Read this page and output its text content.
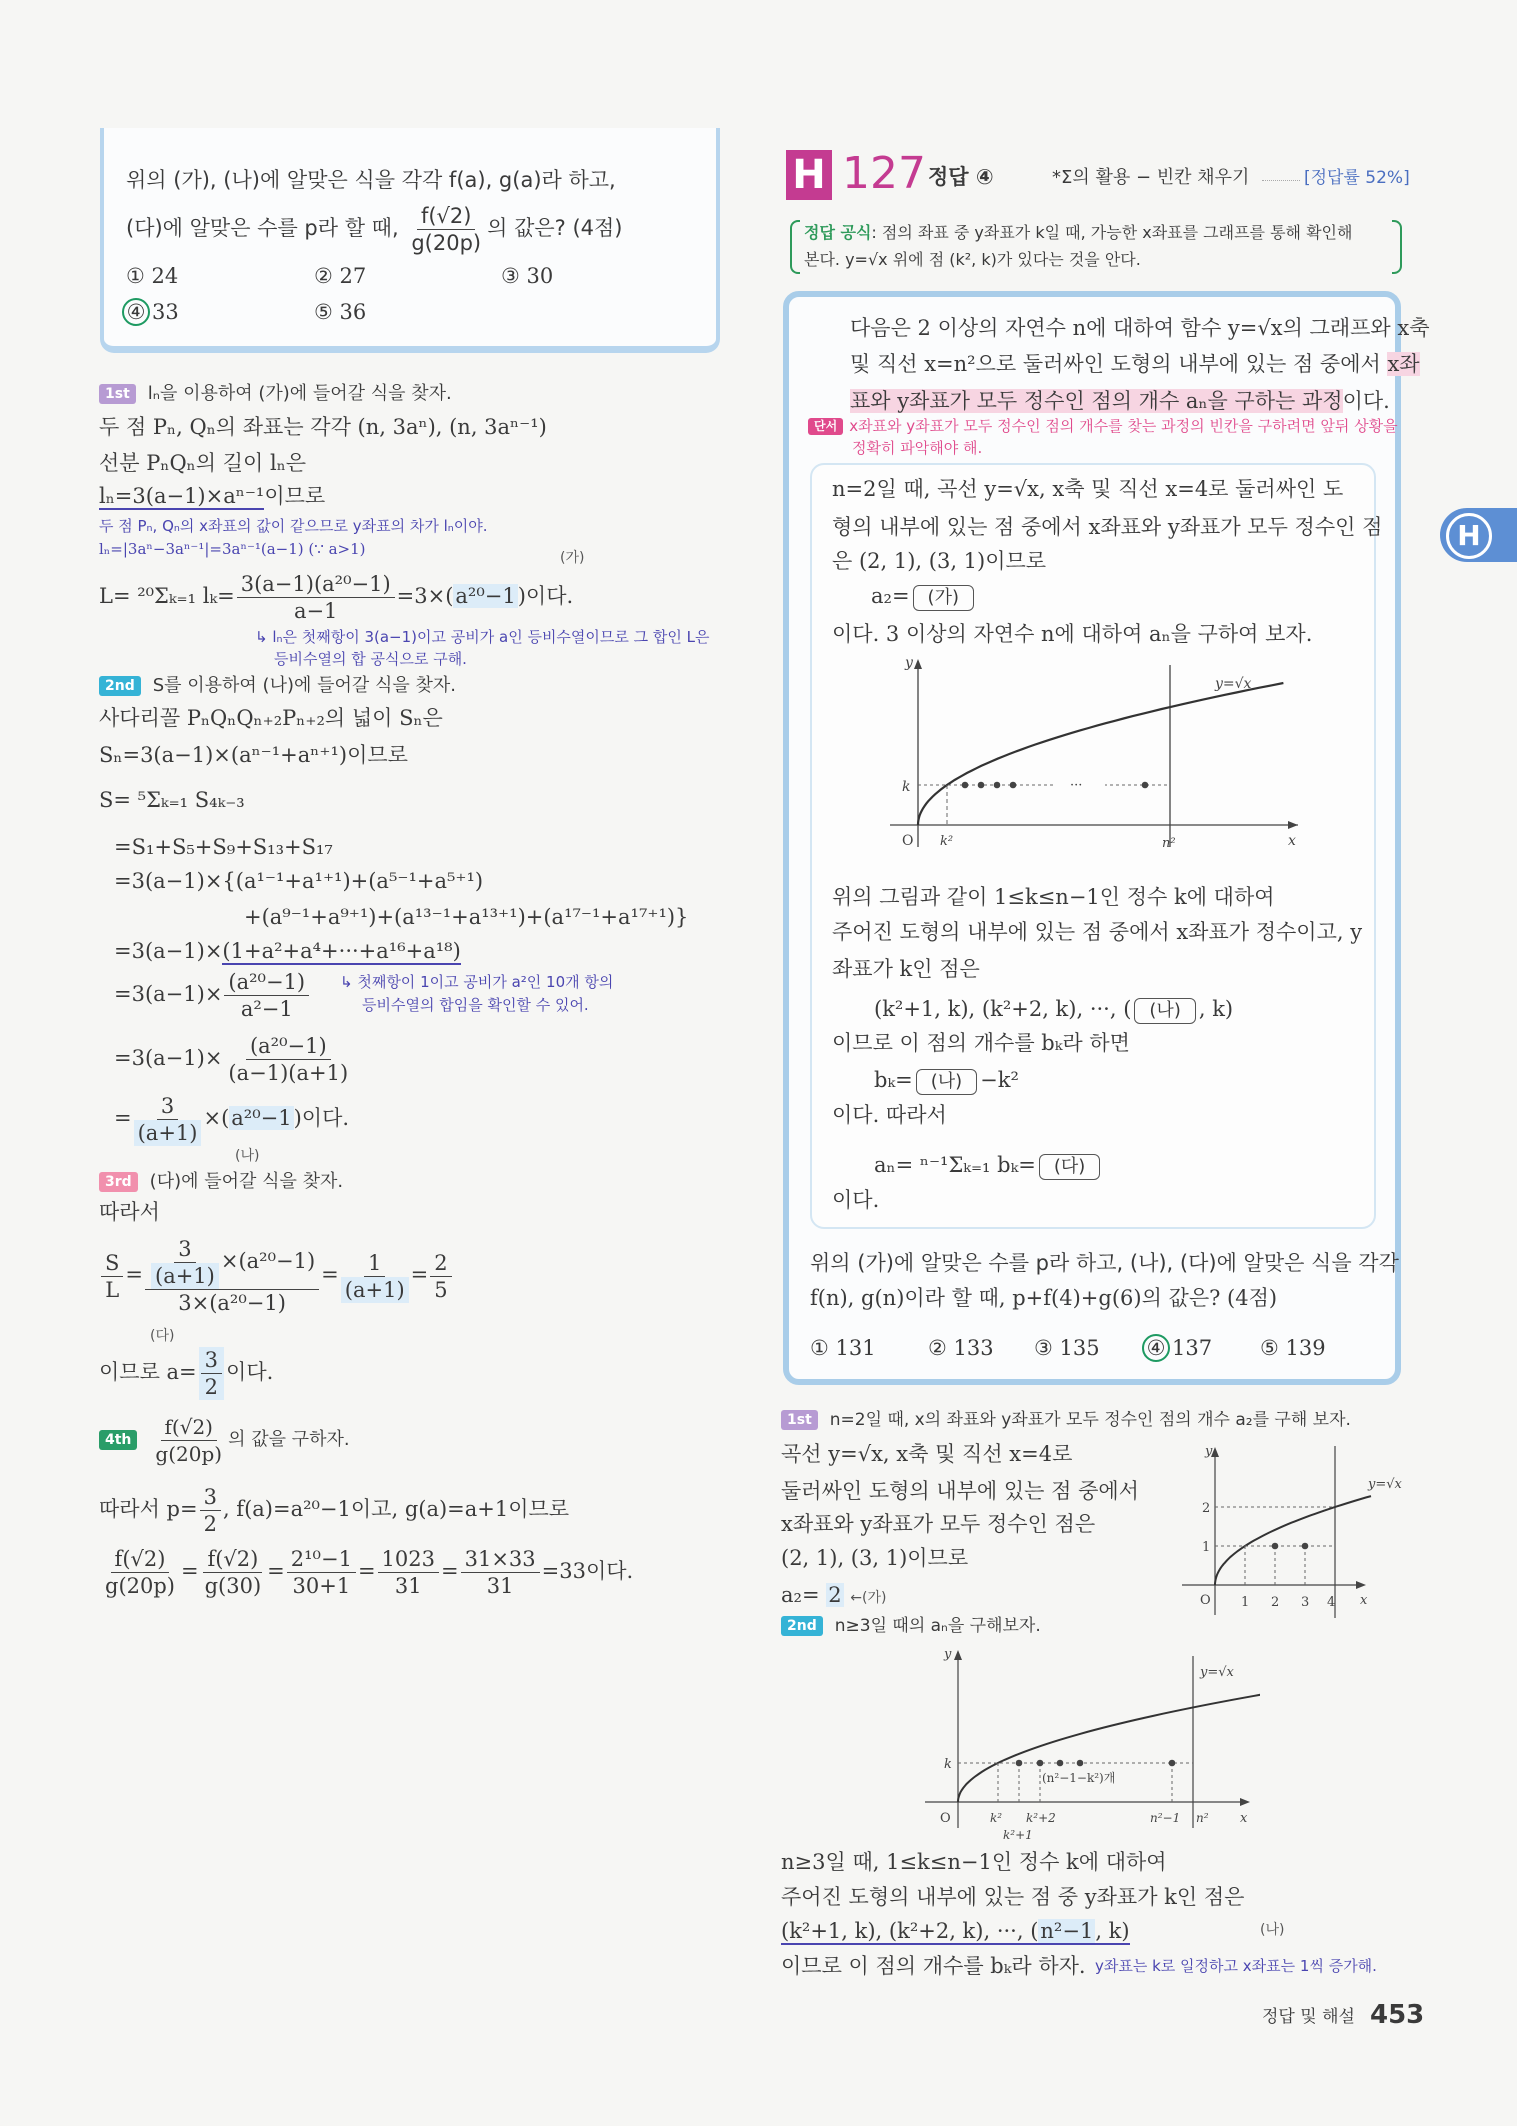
위의 (가), (나)에 알맞은 식을 각각 f(a), g(a)라 하고,
(다)에 알맞은 수를 p라 할 때, $\frac{f(√2)}{g(20p)}$ 의 값은? (4점)
① 24	② 27	③ 30
④ 33	⑤ 36
1st lₙ을 이용하여 (가)에 들어갈 식을 찾자.
두 점 Pₙ, Qₙ의 좌표는 각각 (n, 3aⁿ), (n, 3aⁿ⁻¹)
선분 PₙQₙ의 길이 lₙ은
lₙ=3(a−1)×aⁿ⁻¹이므로
두 점 Pₙ, Qₙ의 x좌표의 값이 같으므로 y좌표의 차가 lₙ이야.
lₙ=|3aⁿ−3aⁿ⁻¹|=3aⁿ⁻¹(a−1) (∵ a>1)
L= ²⁰Σₖ₌₁ $l_k= \frac{\text{3(a−1)(a²⁰−1)}}{a-1} =3\times(a^{20}-1)$이다.
(가)
↳ lₙ은 첫째항이 3(a−1)이고 공비가 a인 등비수열이므로 그 합인 L은
등비수열의 합 공식으로 구해.
2nd S를 이용하여 (나)에 들어갈 식을 찾자.
사다리꼴 PₙQₙQₙ₊₂Pₙ₊₂의 넓이 Sₙ은
Sₙ=3(a−1)×(aⁿ⁻¹+aⁿ⁺¹)이므로
S= ⁵Σₖ₌₁ S₄ₖ₋₃
=S₁+S₅+S₉+S₁₃+S₁₇
=3(a−1)×{(a¹⁻¹+a¹⁺¹)+(a⁵⁻¹+a⁵⁺¹)
+(a⁹⁻¹+a⁹⁺¹)+(a¹³⁻¹+a¹³⁺¹)+(a¹⁷⁻¹+a¹⁷⁺¹)}
=3(a−1)×(1+a²+a⁴+···+a¹⁶+a¹⁸)
↳ 첫째항이 1이고 공비가 a²인 10개 항의
등비수열의 합임을 확인할 수 있어.
$=3(a-1)\times \frac{\text{(a²⁰−1)}}{\text{a²−1}}$
$=3(a-1)\times \frac{\text{(a²⁰−1)}}{(a-1)(a+1)}$
= $\frac{3}{(a+1)} \times(a^{20}-1)$이다.
(나)
3rd (다)에 들어갈 식을 찾자.
따라서
$\frac{S}{L} = \frac{\frac{3}{(a+1)} \times(a^{20}-1)}{\text{3×(a²⁰−1)}} = \frac{1}{(a+1)} = \frac{2}{5}$
(다)
이므로 $a= \frac{3}{2}$ 이다.
$4th \frac{f(√2)}{g(20p)}$ 의 값을 구하자.
따라서 $p= \frac{3}{2}$ , f(a)=a²⁰−1이고, g(a)=a+1이므로
$\frac{f(√2)}{g(20p)} = \frac{f(√2)}{g(30)} = \frac{\text{2¹⁰−1}}{30+1} = \frac{1023}{31} = \frac{31\times 33}{31} =33$이다.
H 127 정답 ④	*Σ의 활용 − 빈칸 채우기	[정답률 52%]
정답 공식: 점의 좌표 중 y좌표가 k일 때, 가능한 x좌표를 그래프를 통해 확인해
본다. y=√x 위에 점 (k², k)가 있다는 것을 안다.
다음은 2 이상의 자연수 n에 대하여 함수 y=√x의 그래프와 x축
및 직선 x=n²으로 둘러싸인 도형의 내부에 있는 점 중에서 x좌
표와 y좌표가 모두 정수인 점의 개수 aₙ을 구하는 과정이다.
단서 x좌표와 y좌표가 모두 정수인 점의 개수를 찾는 과정의 빈칸을 구하려면 앞뒤 상황을
정확히 파악해야 해.
n=2일 때, 곡선 y=√x, x축 및 직선 x=4로 둘러싸인 도
형의 내부에 있는 점 중에서 x좌표와 y좌표가 모두 정수인 점
은 (2, 1), (3, 1)이므로
a₂= (가)
이다. 3 이상의 자연수 n에 대하여 aₙ을 구하여 보자.
···
y
x
O
k
k²	n²
y=√x
위의 그림과 같이 1≤k≤n−1인 정수 k에 대하여
주어진 도형의 내부에 있는 점 중에서 x좌표가 정수이고, y
좌표가 k인 점은
(k²+1, k), (k²+2, k), ···, ( (나) , k)
이므로 이 점의 개수를 bₖ라 하면
bₖ= (나) −k²
이다. 따라서
aₙ= ⁿ⁻¹Σₖ₌₁ bₖ= (다)
이다.
위의 (가)에 알맞은 수를 p라 하고, (나), (다)에 알맞은 식을 각각
f(n), g(n)이라 할 때, p+f(4)+g(6)의 값은? (4점)
① 131 ② 133 ③ 135 ④ 137 ⑤ 139
1st n=2일 때, x의 좌표와 y좌표가 모두 정수인 점의 개수 a₂를 구해 보자.
곡선 y=√x, x축 및 직선 x=4로
둘러싸인 도형의 내부에 있는 점 중에서
x좌표와 y좌표가 모두 정수인 점은
(2, 1), (3, 1)이므로
a₂= 2 ←(가)
y
x
O 1 2 3 4
1
2
y=√x
2nd n≥3일 때의 aₙ을 구해보자.
(n²−1−k²)개
y
x
O
k
k² k²+2
k²+1
n²−1 n²
y=√x
n≥3일 때, 1≤k≤n−1인 정수 k에 대하여
주어진 도형의 내부에 있는 점 중 y좌표가 k인 점은
(k²+1, k), (k²+2, k), ···, (n²−1, k)	(나)
이므로 이 점의 개수를 bₖ라 하자. y좌표는 k로 일정하고 x좌표는 1씩 증가해.
H
정답 및 해설 453
